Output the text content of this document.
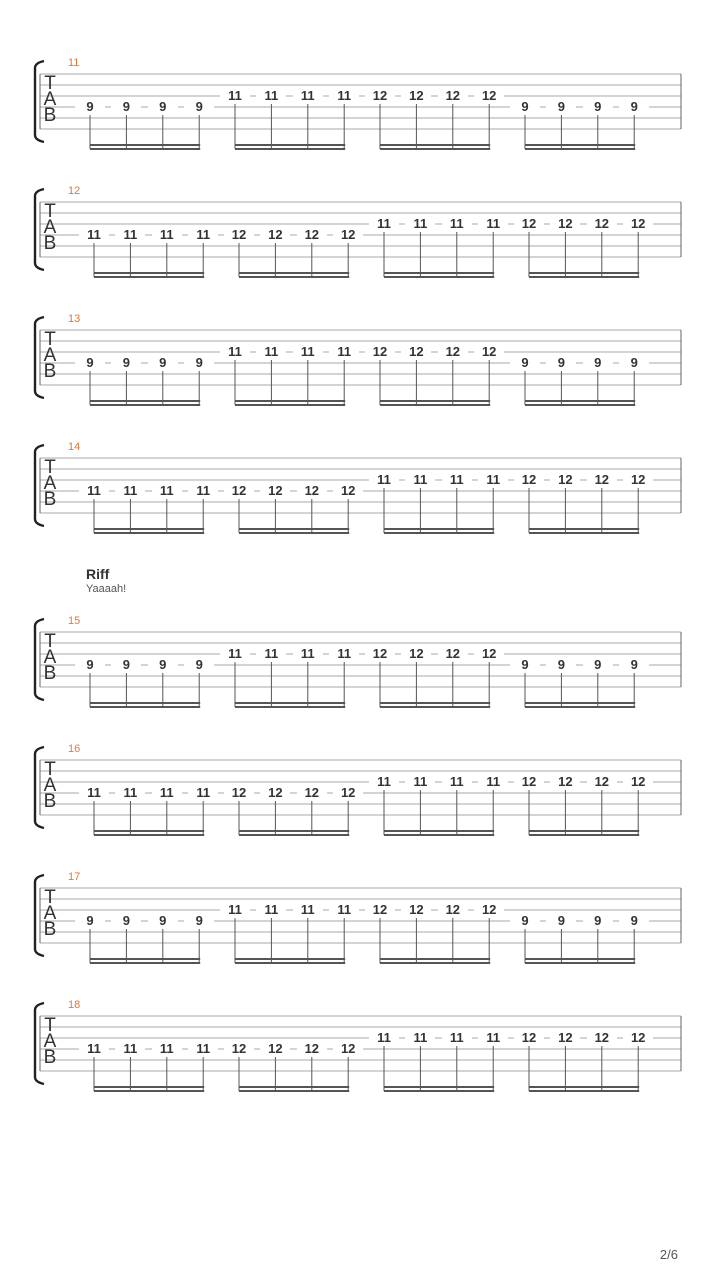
11
T
A
B	9	9	9	9
11	11	11	11	12	12	12	12
9	9	9	9
12
T
A
B	11	11	11	11	12	12	12	12
11	11	11	11	12	12	12	12
13
T
A
B	9	9	9	9
11	11	11	11	12	12	12	12
9	9	9	9
14
T
A
B	11	11	11	11	12	12	12	12
11	11	11	11	12	12	12	12
15
T
A
B	9	9	9	9
11	11	11	11	12	12	12	12
9	9	9	9
16
T
A
B	11	11	11	11	12	12	12	12
11	11	11	11	12	12	12	12
17
T
A
B	9	9	9	9
11	11	11	11	12	12	12	12
9	9	9	9
18
T
A
B	11	11	11	11	12	12	12	12
11	11	11	11	12	12	12	12
Riff
Yaaaah!
2/6
